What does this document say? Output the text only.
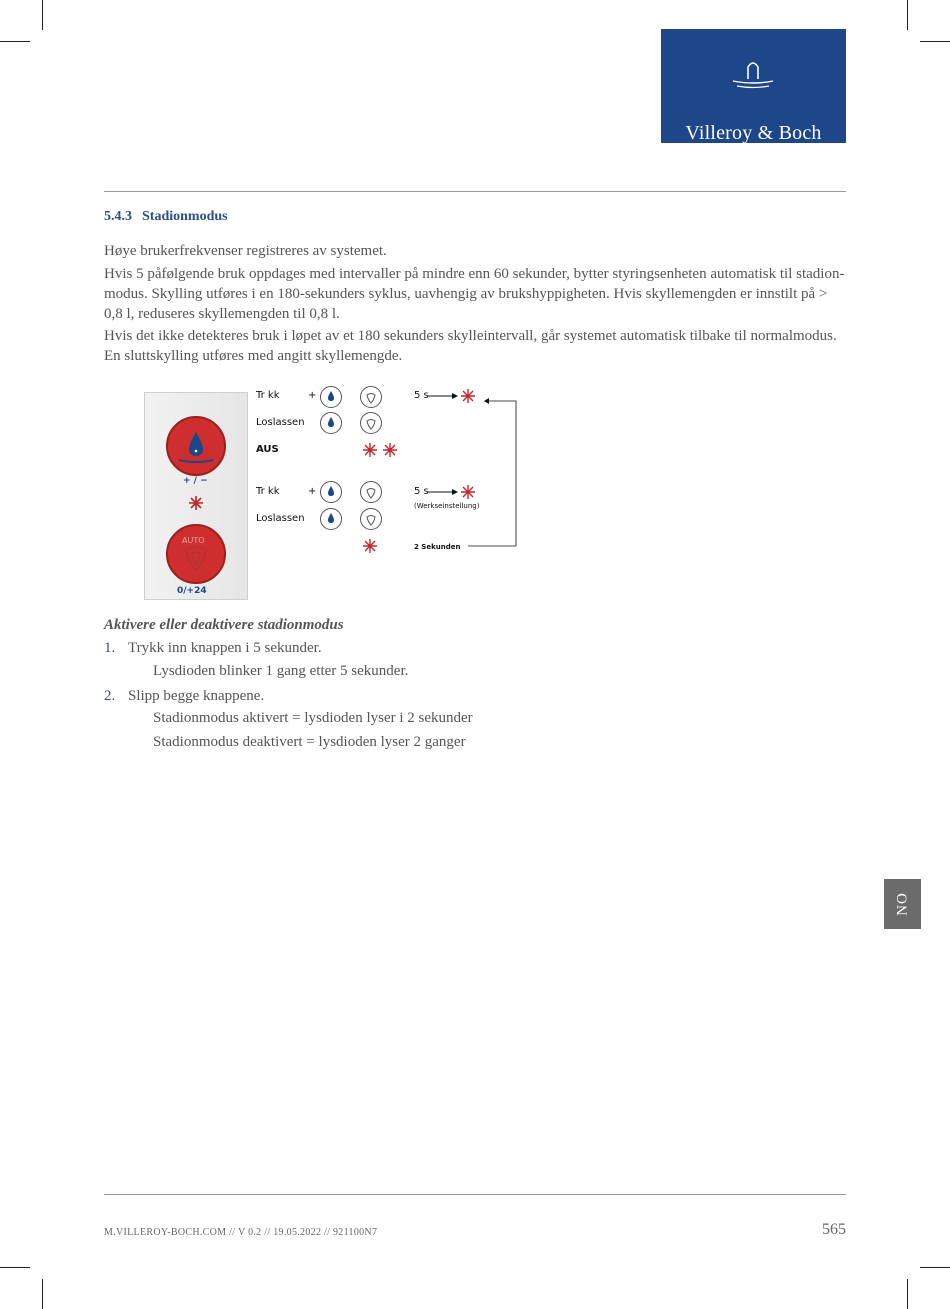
Villeroy & Boch
1748
5.4.3 Stadionmodus
Høye brukerfrekvenser registreres av systemet.
Hvis 5 påfølgende bruk oppdages med intervaller på mindre enn 60 sekunder, bytter styringsenheten automatisk til stadion-modus. Skylling utføres i en 180-sekunders syklus, uavhengig av brukshyppigheten. Hvis skyllemengden er innstilt på > 0,8 l, reduseres skyllemengden til 0,8 l.
Hvis det ikke detekteres bruk i løpet av et 180 sekunders skylleintervall, går systemet automatisk tilbake til normalmodus. En sluttskylling utføres med angitt skyllemengde.
+ / −
AUTO
0/+24
Tr kk	+	5 s
Loslassen
AUS
Tr kk	+	5 s
(Werkseinstellung)
Loslassen
2 Sekunden
Aktivere eller deaktivere stadionmodus
1. Trykk inn knappen i 5 sekunder.
Lysdioden blinker 1 gang etter 5 sekunder.
2. Slipp begge knappene.
Stadionmodus aktivert = lysdioden lyser i 2 sekunder
Stadionmodus deaktivert = lysdioden lyser 2 ganger
NO
M.VILLEROY-BOCH.COM // V 0.2 // 19.05.2022 // 921100N7	565
